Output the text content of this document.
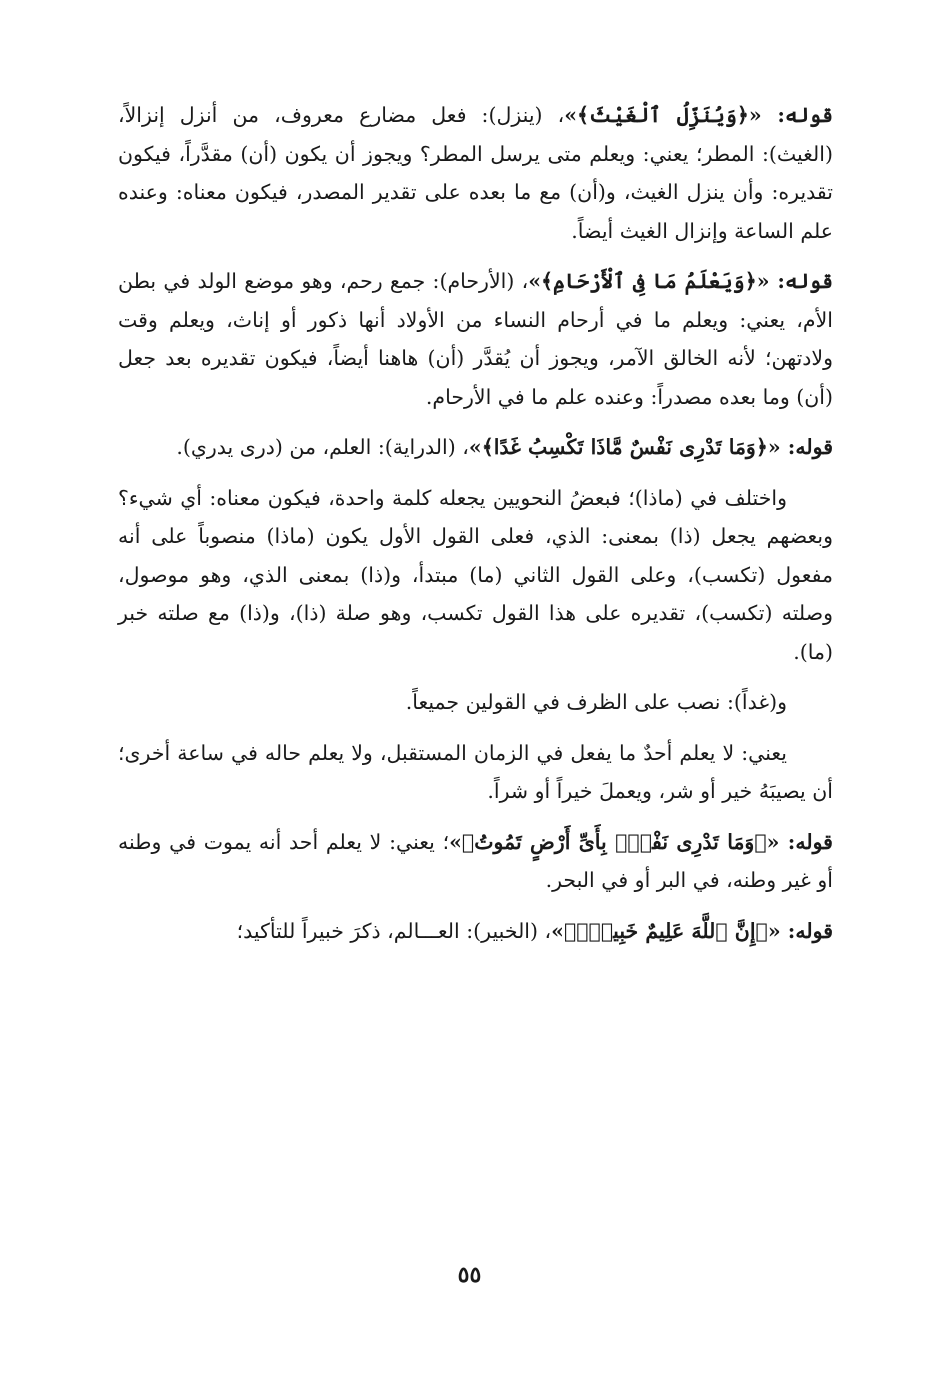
قوله: «﴿وَيُنَزِّلُ ٱلْغَيْثَ﴾»، (ينزل): فعل مضارع معروف، من أنزل إنزالاً، (الغيث): المطر؛ يعني: ويعلم متى يرسل المطر؟ ويجوز أن يكون (أن) مقدَّراً، فيكون تقديره: وأن ينزل الغيث، و(أن) مع ما بعده على تقدير المصدر، فيكون معناه: وعنده علم الساعة وإنزال الغيث أيضاً.

قوله: «﴿وَيَعْلَمُ مَا فِى ٱلْأَرْحَامِ﴾»، (الأرحام): جمع رحم، وهو موضع الولد في بطن الأم، يعني: ويعلم ما في أرحام النساء من الأولاد أنها ذكور أو إناث، ويعلم وقت ولادتهن؛ لأنه الخالق الآمر، ويجوز أن يُقدَّر (أن) هاهنا أيضاً، فيكون تقديره بعد جعل (أن) وما بعده مصدراً: وعنده علم ما في الأرحام.

قوله: «﴿وَمَا تَدْرِى نَفْسٌ مَّاذَا تَكْسِبُ غَدًا﴾»، (الدراية): العلم، من (درى يدري).

واختلف في (ماذا)؛ فبعضُ النحويين يجعله كلمة واحدة، فيكون معناه: أي شيء؟ وبعضهم يجعل (ذا) بمعنى: الذي، فعلى القول الأول يكون (ماذا) منصوباً على أنه مفعول (تكسب)، وعلى القول الثاني (ما) مبتدأ، و(ذا) بمعنى الذي، وهو موصول، وصلته (تكسب)، تقديره على هذا القول تكسب، وهو صلة (ذا)، و(ذا) مع صلته خبر (ما).

و(غداً): نصب على الظرف في القولين جميعاً.

يعني: لا يعلم أحدٌ ما يفعل في الزمان المستقبل، ولا يعلم حاله في ساعة أخرى؛ أن يصيبَهُ خير أو شر، ويعملَ خيراً أو شراً.

قوله: «﴿وَمَا تَدْرِى نَفْسٌۢ بِأَىِّ أَرْضٍ تَمُوتُ﴾»؛ يعني: لا يعلم أحد أنه يموت في وطنه أو غير وطنه، في البر أو في البحر.

قوله: «﴿إِنَّ ٱللَّهَ عَلِيمٌ خَبِيرٌۢ﴾»، (الخبير): العـــالم، ذكرَ خبيراً للتأكيد؛

٥٥
